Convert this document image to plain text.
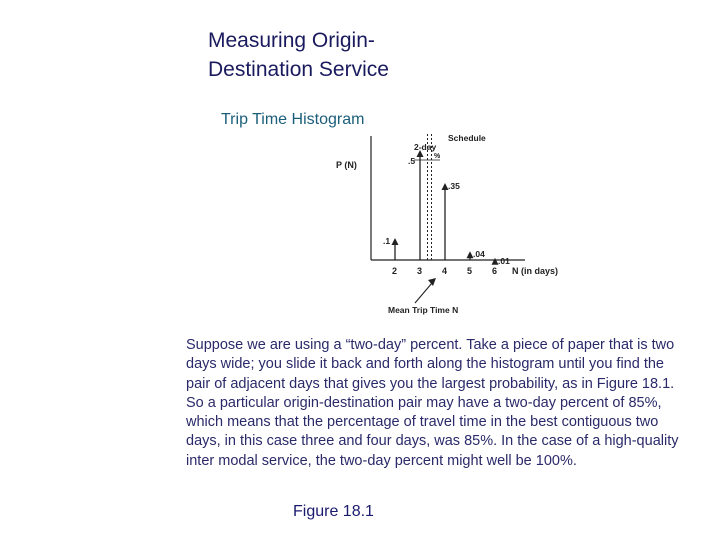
Measuring Origin-
Destination Service
Trip Time Histogram
P (N)
N (in days)
.1
.5
.35
.04
.01
2 3 4 5 6
Schedule
2-day
%
Mean Trip Time N
Suppose we are using a “two-day” percent. Take a piece of paper that is two days wide; you slide it back and forth along the histogram until you find the pair of adjacent days that gives you the largest probability, as in Figure 18.1. So a particular origin-destination pair may have a two-day percent of 85%, which means that the percentage of travel time in the best contiguous two days, in this case three and four days, was 85%. In the case of a high-quality inter modal service, the two-day percent might well be 100%.
Figure 18.1
